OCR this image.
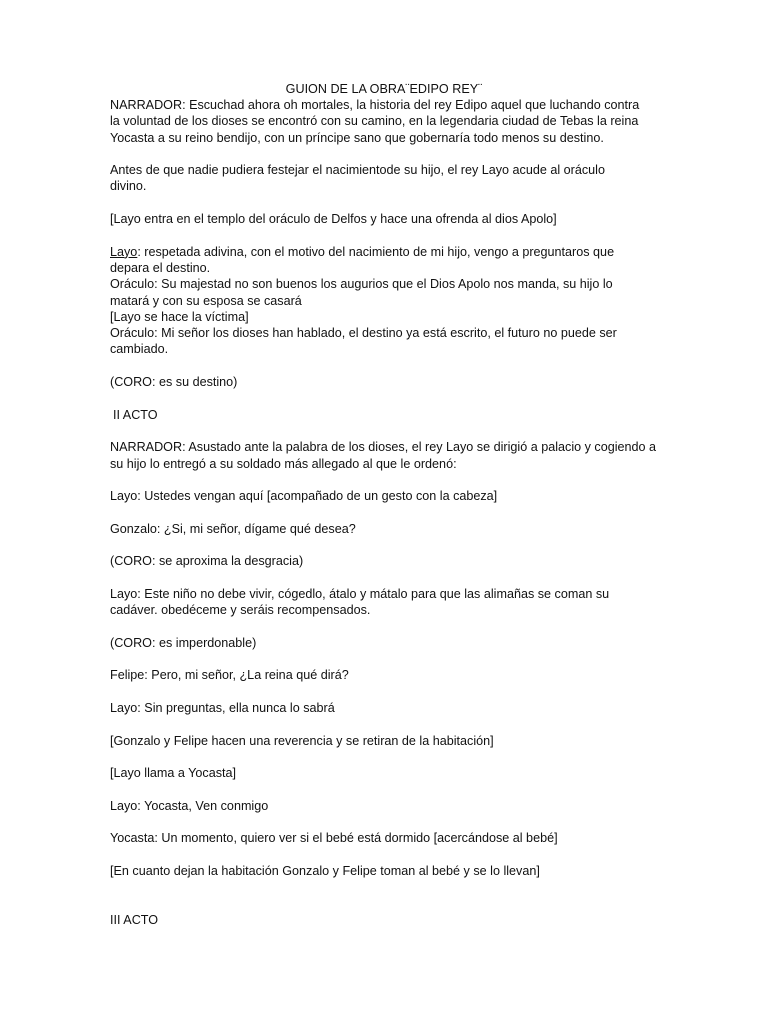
GUION DE LA OBRA¨EDIPO REY¨

NARRADOR: Escuchad ahora oh mortales, la historia del rey Edipo aquel que luchando contra

la voluntad de los dioses se encontró con su camino, en la legendaria ciudad de Tebas la reina

Yocasta a su reino bendijo, con un príncipe sano que gobernaría todo menos su destino.

Antes de que nadie pudiera festejar el nacimientode su hijo, el rey Layo acude al oráculo

divino.

[Layo entra en el templo del oráculo de Delfos y hace una ofrenda al dios Apolo]

Layo: respetada adivina, con el motivo del nacimiento de mi hijo, vengo a preguntaros que

depara el destino.

Oráculo: Su majestad no son buenos los augurios que el Dios Apolo nos manda, su hijo lo

matará y con su esposa se casará

[Layo se hace la víctima]

Oráculo: Mi señor los dioses han hablado, el destino ya está escrito, el futuro no puede ser

cambiado.

(CORO: es su destino)

II ACTO

NARRADOR: Asustado ante la palabra de los dioses, el rey Layo se dirigió a palacio y cogiendo a

su hijo lo entregó a su soldado más allegado al que le ordenó:

Layo: Ustedes vengan aquí [acompañado de un gesto con la cabeza]

Gonzalo: ¿Si, mi señor, dígame qué desea?

(CORO: se aproxima la desgracia)

Layo: Este niño no debe vivir, cógedlo, átalo y mátalo para que las alimañas se coman su

cadáver. obedéceme y seráis recompensados.

(CORO: es imperdonable)

Felipe: Pero, mi señor, ¿La reina qué dirá?

Layo: Sin preguntas, ella nunca lo sabrá

[Gonzalo y Felipe hacen una reverencia y se retiran de la habitación]

[Layo llama a Yocasta]

Layo: Yocasta, Ven conmigo

Yocasta: Un momento, quiero ver si el bebé está dormido [acercándose al bebé]

[En cuanto dejan la habitación Gonzalo y Felipe toman al bebé y se lo llevan]

III ACTO
